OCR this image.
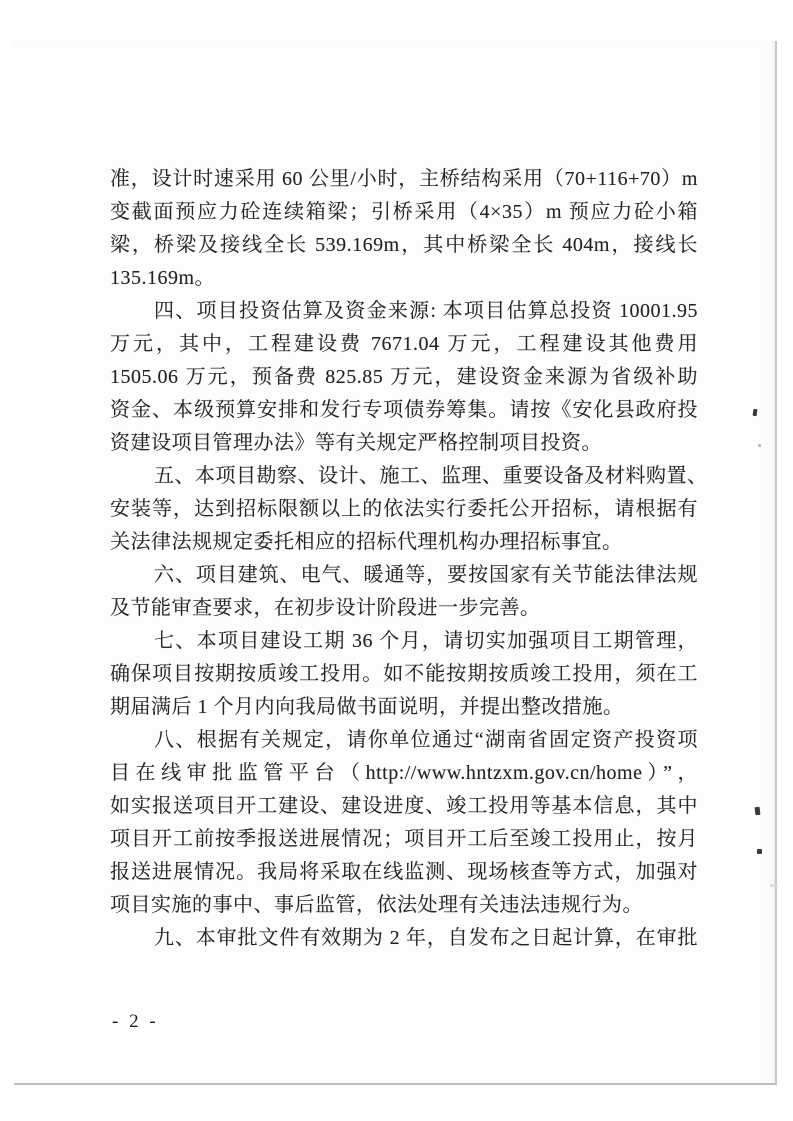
准，设计时速采用 60 公里/小时，主桥结构采用（70+116+70）m
变截面预应力砼连续箱梁；引桥采用（4×35）m 预应力砼小箱
梁，桥梁及接线全长 539.169m，其中桥梁全长 404m，接线长
135.169m。
四、项目投资估算及资金来源: 本项目估算总投资 10001.95
万元，其中，工程建设费 7671.04 万元，工程建设其他费用
1505.06 万元，预备费 825.85 万元，建设资金来源为省级补助
资金、本级预算安排和发行专项债券筹集。请按《安化县政府投
资建设项目管理办法》等有关规定严格控制项目投资。
五、本项目勘察、设计、施工、监理、重要设备及材料购置、
安装等，达到招标限额以上的依法实行委托公开招标，请根据有
关法律法规规定委托相应的招标代理机构办理招标事宜。
六、项目建筑、电气、暖通等，要按国家有关节能法律法规
及节能审查要求，在初步设计阶段进一步完善。
七、本项目建设工期 36 个月，请切实加强项目工期管理，
确保项目按期按质竣工投用。如不能按期按质竣工投用，须在工
期届满后 1 个月内向我局做书面说明，并提出整改措施。
八、根据有关规定，请你单位通过“湖南省固定资产投资项
目在线审批监管平台（http://www.hntzxm.gov.cn/home）”，
如实报送项目开工建设、建设进度、竣工投用等基本信息，其中
项目开工前按季报送进展情况；项目开工后至竣工投用止，按月
报送进展情况。我局将采取在线监测、现场核查等方式，加强对
项目实施的事中、事后监管，依法处理有关违法违规行为。
九、本审批文件有效期为 2 年，自发布之日起计算，在审批
- 2 -
